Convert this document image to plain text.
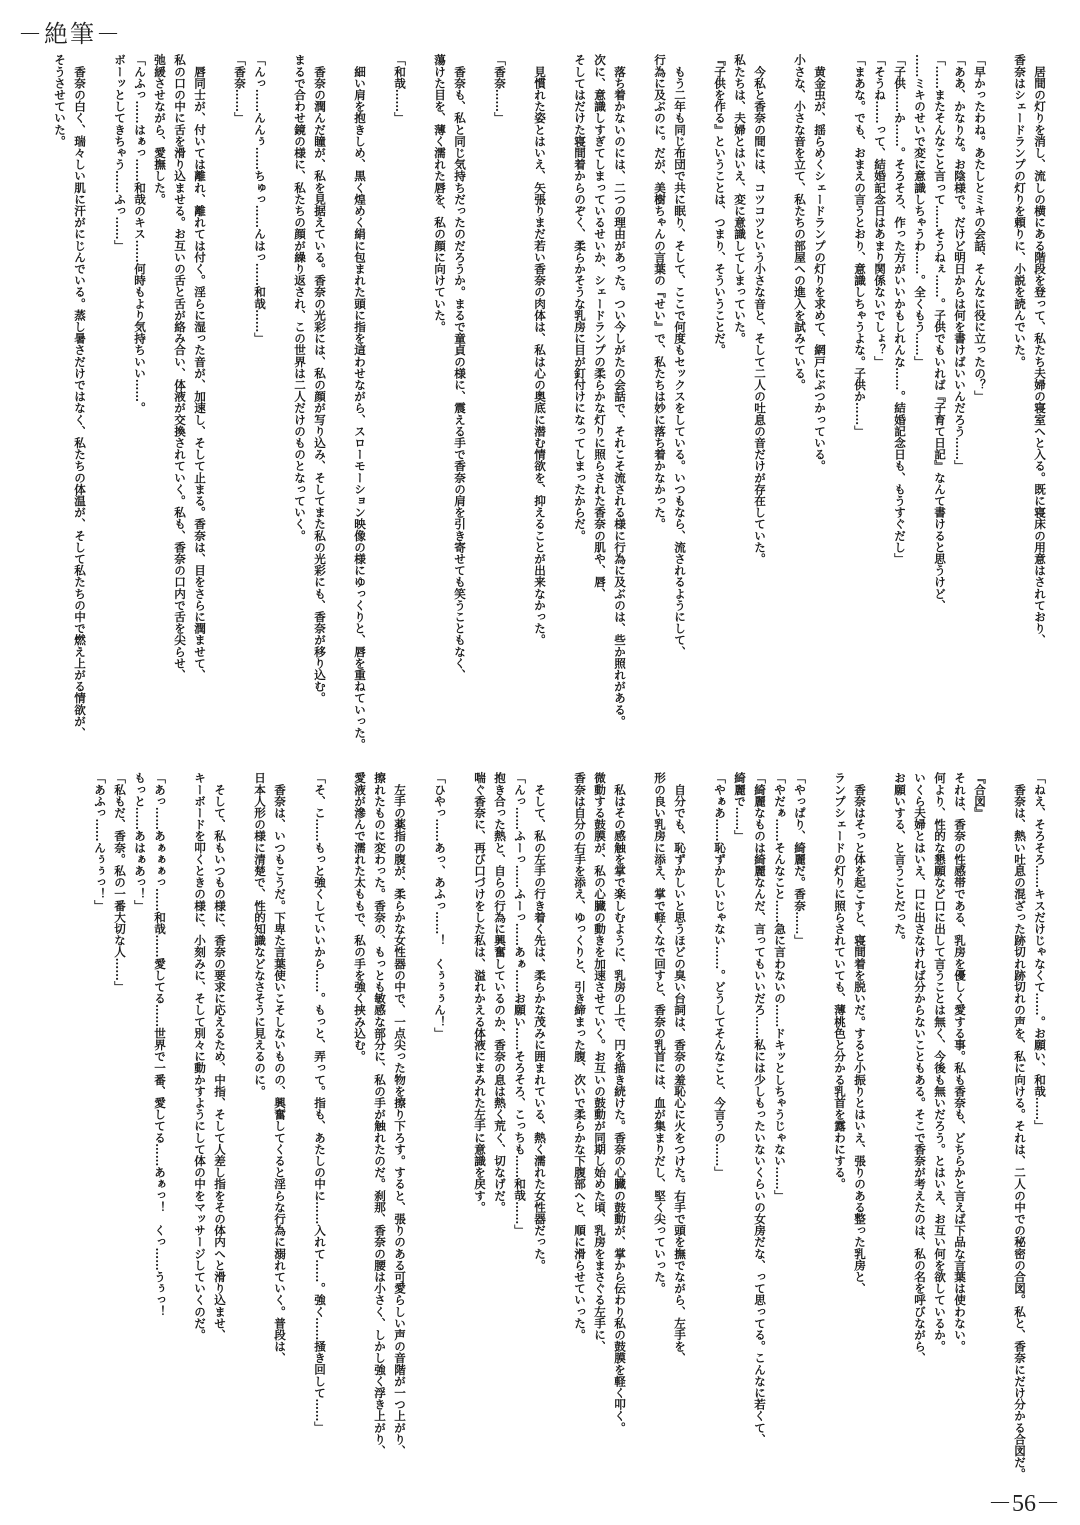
－絶筆－
　居間の灯りを消し、流しの横にある階段を登って、私たち夫婦の寝室へと入る。既に寝床の用意はされており、
香奈はシェードランプの灯りを頼りに、小説を読んでいた。
「早かったわね。あたしとミキの会話、そんなに役に立ったの？」
「ああ、かなりな。お陰様で。だけど明日からは何を書けばいいんだろう……」
「……またそんなこと言って……そうねぇ……。子供でもいれば『子育て日記』なんて書けると思うけど、
……ミキのせいで変に意識しちゃうわ……。全くもう……」
「子供……か……。そろそろ、作った方がいいかもしれんな……。結婚記念日も、もうすぐだし」
「そうね……って、結婚記念日はあまり関係ないでしょ？」
「まあな。でも、おまえの言うとおり、意識しちゃうよな。子供か……」
　黄金虫が、揺らめくシェードランプの灯りを求めて、網戸にぶつかっている。
小さな、小さな音を立て、私たちの部屋への進入を試みている。
　今私と香奈の間には、コツコツという小さな音と、そして二人の吐息の音だけが存在していた。
私たちは、夫婦とはいえ、変に意識してしまっていた。
『子供を作る』ということは、つまり、そういうことだ。
　もう二年も同じ布団で共に眠り、そして、ここで何度もセックスをしている。いつもなら、流されるようにして、
行為に及ぶのに。だが、美樹ちゃんの言葉の『せい』で、私たちは妙に落ち着かなかった。
　落ち着かないのには、二つの理由があった。つい今しがたの会話で、それこそ流される様に行為に及ぶのは、些か照れがある。
次に、意識しすぎてしまっているせいか、シェードランプの柔らかな灯りに照らされた香奈の肌や、唇、
そしてはだけた寝間着からのぞく、柔らかそうな乳房に目が釘付けになってしまったからだ。
　見慣れた姿とはいえ、矢張りまだ若い香奈の肉体は、私は心の奥底に潜む情欲を、抑えることが出来なかった。
「香奈……」
　香奈も、私と同じ気持ちだったのだろうか。まるで童貞の様に、震える手で香奈の肩を引き寄せても笑うこともなく、
蕩けた目を、薄く濡れた唇を、私の顔に向けていた。
「和哉……」
　細い肩を抱きしめ、黒く煌めく絹に包まれた頭に指を這わせながら、スローモーション映像の様にゆっくりと、唇を重ねていった。
　香奈の潤んだ瞳が、私を見据えている。香奈の光彩には、私の顔が写り込み、そしてまた私の光彩にも、香奈が移り込む。
まるで合わせ鏡の様に、私たちの顔が繰り返され、この世界は二人だけのものとなっていく。
「んっ……んんぅ……ちゅっ……んはっ……和哉……」
「香奈……」
　唇同士が、付いては離れ、離れては付く。淫らに湿った音が、加速し、そして止まる。香奈は、目をさらに潤ませて、
私の口の中に舌を滑り込ませる。お互いの舌と舌が絡み合い、体液が交換されていく。私も、香奈の口内で舌を尖らせ、
弛緩させながら、愛撫した。
「んふっ……はぁっ……和哉のキス……何時もより気持ちいい……。
ボーッとしてきちゃう……ふっ……」
　香奈の白く、瑞々しい肌に汗がにじんでいる。蒸し暑さだけではなく、私たちの体温が、そして私たちの中で燃え上がる情欲が、
そうさせていた。
「ねえ、そろそろ……キスだけじゃなくて……。お願い、和哉……」
　香奈は、熱い吐息の混ざった跡切れ跡切れの声を、私に向ける。それは、二人の中での秘密の合図。私と、香奈にだけ分かる合図だ。
『合図』
それは、香奈の性感帯である、乳房を優しく愛する事。私も香奈も、どちらかと言えば下品な言葉は使わない。
何より、性的な懇願など口に出して言うことは無く、今後も無いだろう。とはいえ、お互い何を欲しているか。
いくら夫婦とはいえ、口に出さなければ分からないこともある。そこで香奈が考えたのは、私の名を呼びながら、
お願いする、と言うことだった。
　香奈はそっと体を起こすと、寝間着を脱いだ。すると小振りとはいえ、張りのある整った乳房と、
ランプシェードの灯りに照らされていても、薄桃色と分かる乳首を露わにする。
「やっぱり、綺麗だ。香奈……」
「やだぁ……そんなこと……急に言わないの……ドキッとしちゃうじゃない……」
「綺麗なものは綺麗なんだ、言ってもいいだろ……私には少しもったいないくらいの女房だな、って思ってる。こんなに若くて、
綺麗で……」
「やぁあ……恥ずかしいじゃない……。どうしてそんなこと、今言うの……」
　自分でも、恥ずかしいと思うほどの臭い台詞は、香奈の羞恥心に火をつけた。右手で頭を撫でながら、左手を、
形の良い乳房に添え、掌で軽くなで回すと、香奈の乳首には、血が集まりだし、堅く尖っていった。
　私はその感触を掌で楽しむように、乳房の上で、円を描き続けた。香奈の心臓の鼓動が、掌から伝わり私の鼓膜を軽く叩く。
微動する鼓膜が、私の心臓の動きを加速させていく。お互いの鼓動が同期し始めた頃、乳房をまさぐる左手に、
香奈は自分の右手を添え、ゆっくりと、引き締まった腹、次いで柔らかな下腹部へと、順に滑らせていった。
　そして、私の左手の行き着く先は、柔らかな茂みに囲まれている、熱く濡れた女性器だった。
「んっ……ふーっ……ふーっ……あぁ……お願い……そろそろ、こっちも……和哉……」
抱き合った熱と、自らの行為に興奮しているのか、香奈の息は熱く荒く、切なげだ。
喘ぐ香奈に、再び口づけをした私は、溢れかえる体液にまみれた左手に意識を戻す。
「ひやっ……あっ、あふっ……！　くぅぅぅん！」
　左手の薬指の腹が、柔らかな女性器の中で、一点尖った物を擦り下ろす。すると、張りのある可愛らしい声の音階が一つ上がり、
擦れたものに変わった。香奈の、もっとも敏感な部分に、私の手が触れたのだ。刹那、香奈の腰は小さく、しかし強く浮き上がり、
愛液が滲んで濡れた太ももで、私の手を強く挟み込む。
「そ、こ……もっと強くしていいから……。もっと、弄って。指も、あたしの中に……入れて……。強く……掻き回して……」
　香奈は、いつもこうだ。下卑た言葉使いこそしないものの、興奮してくると淫らな行為に溺れていく。普段は、
日本人形の様に清楚で、性的知識などなさそうに見えるのに。
　そして、私もいつもの様に、香奈の要求に応えるため、中指、そして人差し指をその体内へと滑り込ませ、
キーボードを叩くときの様に、小刻みに、そして別々に動かすようにして体の中をマッサージしていくのだ。
「あっ……あぁぁぁっ……和哉……愛してる……世界で一番、愛してる……あぁっ！　くっ……うぅっ！
もっと……あはぁあっ！」
「私もだ、香奈。私の一番大切な人……」
「あふっ……んぅぅっ！」
－56－
